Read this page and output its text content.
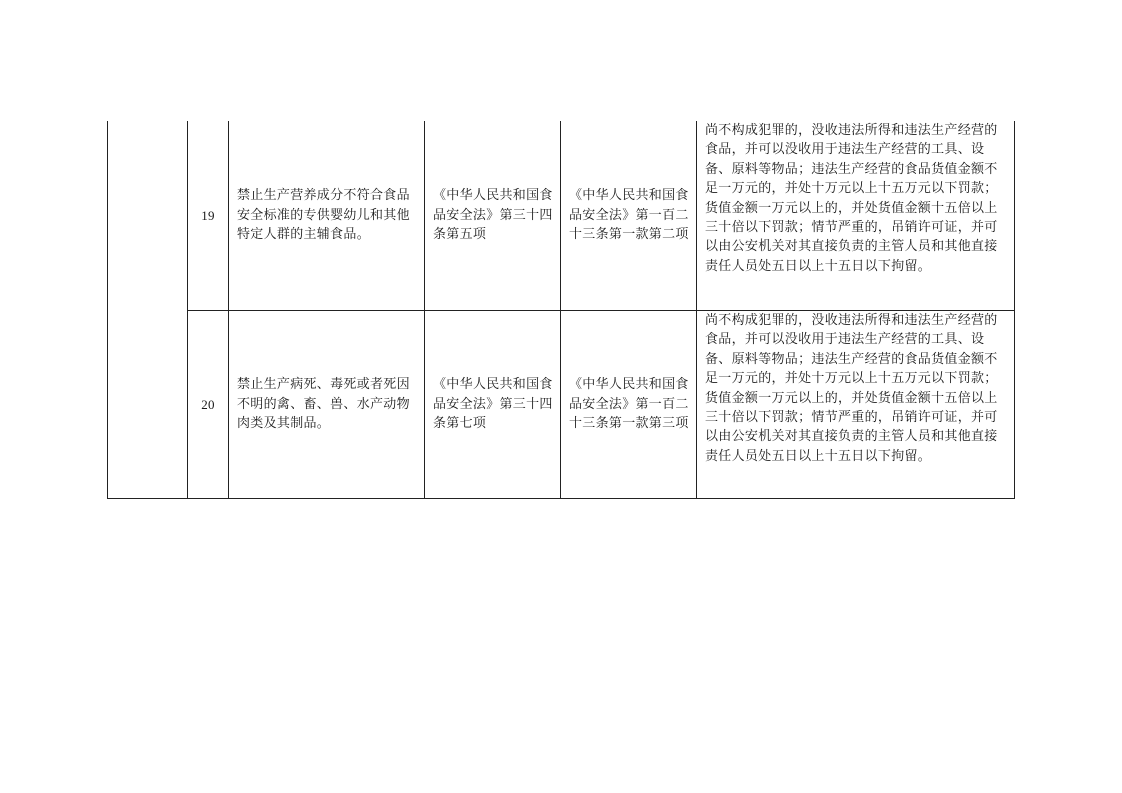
	19	禁止生产营养成分不符合食品安全标准的专供婴幼儿和其他特定人群的主辅食品。	《中华人民共和国食品安全法》第三十四条第五项	《中华人民共和国食品安全法》第一百二十三条第一款第二项	尚不构成犯罪的，没收违法所得和违法生产经营的食品，并可以没收用于违法生产经营的工具、设备、原料等物品；违法生产经营的食品货值金额不足一万元的，并处十万元以上十五万元以下罚款；货值金额一万元以上的，并处货值金额十五倍以上三十倍以下罚款；情节严重的，吊销许可证，并可以由公安机关对其直接负责的主管人员和其他直接责任人员处五日以上十五日以下拘留。

	20	禁止生产病死、毒死或者死因不明的禽、畜、兽、水产动物肉类及其制品。	《中华人民共和国食品安全法》第三十四条第七项	《中华人民共和国食品安全法》第一百二十三条第一款第三项	尚不构成犯罪的，没收违法所得和违法生产经营的食品，并可以没收用于违法生产经营的工具、设备、原料等物品；违法生产经营的食品货值金额不足一万元的，并处十万元以上十五万元以下罚款；货值金额一万元以上的，并处货值金额十五倍以上三十倍以下罚款；情节严重的，吊销许可证，并可以由公安机关对其直接负责的主管人员和其他直接责任人员处五日以上十五日以下拘留。
